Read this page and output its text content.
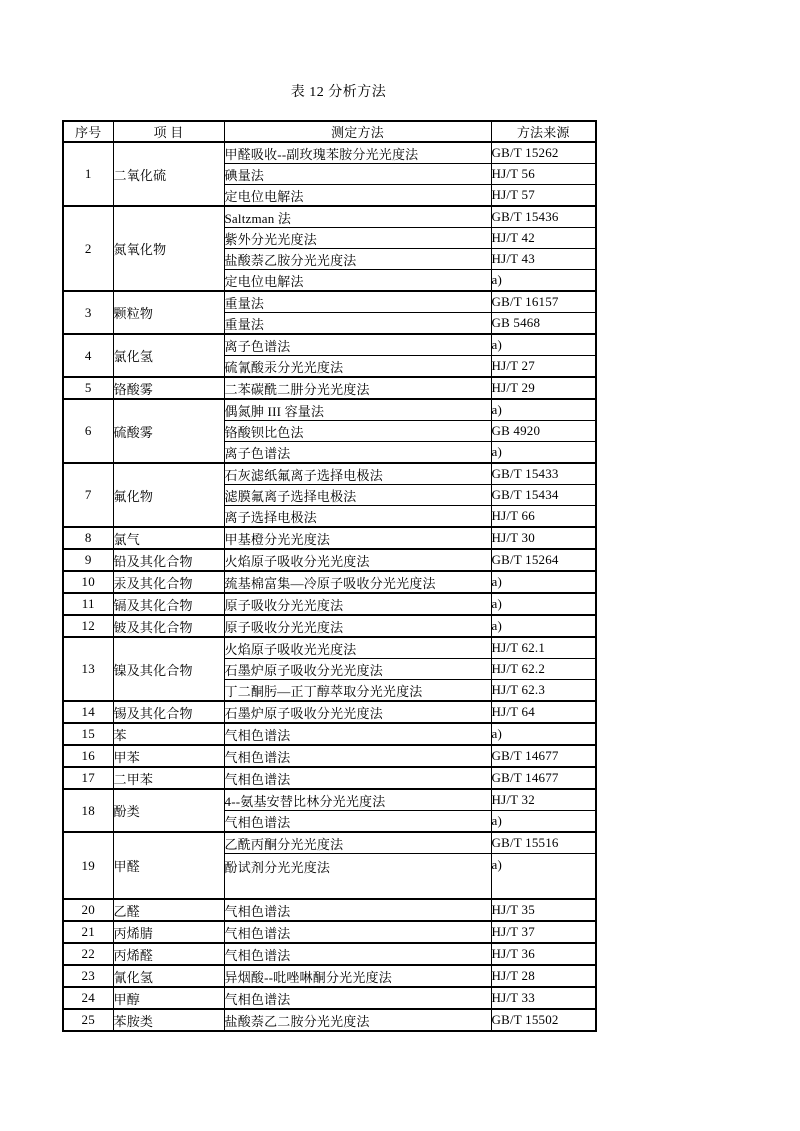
表 12 分析方法
序号	项 目	测定方法	方法来源
1	二氧化硫	甲醛吸收--副玫瑰苯胺分光光度法	GB/T 15262
		碘量法	HJ/T 56
		定电位电解法	HJ/T 57
2	氮氧化物	Saltzman 法	GB/T 15436
		紫外分光光度法	HJ/T 42
		盐酸萘乙胺分光光度法	HJ/T 43
		定电位电解法	a)
3	颗粒物	重量法	GB/T 16157
		重量法	GB 5468
4	氯化氢	离子色谱法	a)
		硫氰酸汞分光光度法	HJ/T 27
5	铬酸雾	二苯碳酰二肼分光光度法	HJ/T 29
6	硫酸雾	偶氮胂 III 容量法	a)
		铬酸钡比色法	GB 4920
		离子色谱法	a)
7	氟化物	石灰滤纸氟离子选择电极法	GB/T 15433
		滤膜氟离子选择电极法	GB/T 15434
		离子选择电极法	HJ/T 66
8	氯气	甲基橙分光光度法	HJ/T 30
9	铅及其化合物	火焰原子吸收分光光度法	GB/T 15264
10	汞及其化合物	巯基棉富集—冷原子吸收分光光度法	a)
11	镉及其化合物	原子吸收分光光度法	a)
12	铍及其化合物	原子吸收分光光度法	a)
13	镍及其化合物	火焰原子吸收光光度法	HJ/T 62.1
		石墨炉原子吸收分光光度法	HJ/T 62.2
		丁二酮肟—正丁醇萃取分光光度法	HJ/T 62.3
14	锡及其化合物	石墨炉原子吸收分光光度法	HJ/T 64
15	苯	气相色谱法	a)
16	甲苯	气相色谱法	GB/T 14677
17	二甲苯	气相色谱法	GB/T 14677
18	酚类	4--氨基安替比林分光光度法	HJ/T 32
		气相色谱法	a)
19	甲醛	乙酰丙酮分光光度法	GB/T 15516
		酚试剂分光光度法	a)
20	乙醛	气相色谱法	HJ/T 35
21	丙烯腈	气相色谱法	HJ/T 37
22	丙烯醛	气相色谱法	HJ/T 36
23	氰化氢	异烟酸--吡唑啉酮分光光度法	HJ/T 28
24	甲醇	气相色谱法	HJ/T 33
25	苯胺类	盐酸萘乙二胺分光光度法	GB/T 15502
